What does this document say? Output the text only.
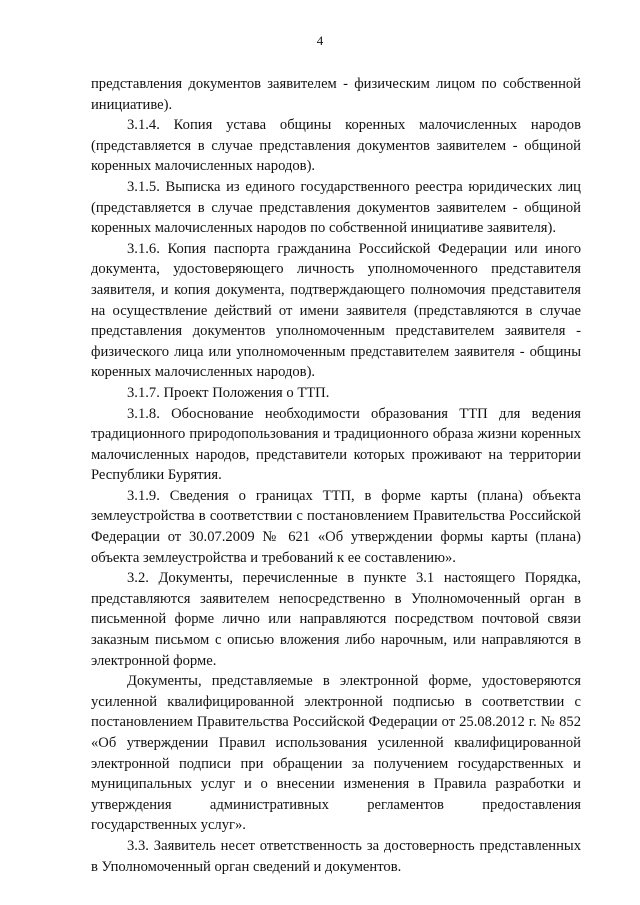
4

представления документов заявителем - физическим лицом по собственной инициативе).

3.1.4. Копия устава общины коренных малочисленных народов (представляется в случае представления документов заявителем - общиной коренных малочисленных народов).

3.1.5. Выписка из единого государственного реестра юридических лиц (представляется в случае представления документов заявителем - общиной коренных малочисленных народов по собственной инициативе заявителя).

3.1.6. Копия паспорта гражданина Российской Федерации или иного документа, удостоверяющего личность уполномоченного представителя заявителя, и копия документа, подтверждающего полномочия представителя на осуществление действий от имени заявителя (представляются в случае представления документов уполномоченным представителем заявителя - физического лица или уполномоченным представителем заявителя - общины коренных малочисленных народов).

3.1.7. Проект Положения о ТТП.

3.1.8. Обоснование необходимости образования ТТП для ведения традиционного природопользования и традиционного образа жизни коренных малочисленных народов, представители которых проживают на территории Республики Бурятия.

3.1.9. Сведения о границах ТТП, в форме карты (плана) объекта землеустройства в соответствии с постановлением Правительства Российской Федерации от 30.07.2009 № 621 «Об утверждении формы карты (плана) объекта землеустройства и требований к ее составлению».

3.2. Документы, перечисленные в пункте 3.1 настоящего Порядка, представляются заявителем непосредственно в Уполномоченный орган в письменной форме лично или направляются посредством почтовой связи заказным письмом с описью вложения либо нарочным, или направляются в электронной форме.

Документы, представляемые в электронной форме, удостоверяются усиленной квалифицированной электронной подписью в соответствии с постановлением Правительства Российской Федерации от 25.08.2012 г. № 852 «Об утверждении Правил использования усиленной квалифицированной электронной подписи при обращении за получением государственных и муниципальных услуг и о внесении изменения в Правила разработки и утверждения административных регламентов предоставления государственных услуг».

3.3. Заявитель несет ответственность за достоверность представленных в Уполномоченный орган сведений и документов.
